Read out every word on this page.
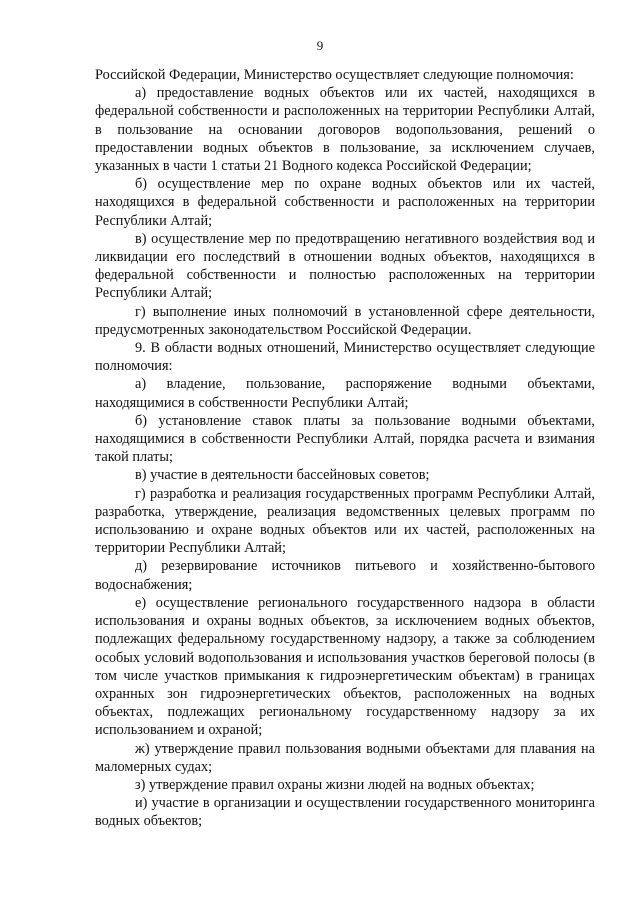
9

Российской Федерации, Министерство осуществляет следующие полномочия:

а) предоставление водных объектов или их частей, находящихся в федеральной собственности и расположенных на территории Республики Алтай, в пользование на основании договоров водопользования, решений о предоставлении водных объектов в пользование, за исключением случаев, указанных в части 1 статьи 21 Водного кодекса Российской Федерации;

б) осуществление мер по охране водных объектов или их частей, находящихся в федеральной собственности и расположенных на территории Республики Алтай;

в) осуществление мер по предотвращению негативного воздействия вод и ликвидации его последствий в отношении водных объектов, находящихся в федеральной собственности и полностью расположенных на территории Республики Алтай;

г) выполнение иных полномочий в установленной сфере деятельности, предусмотренных законодательством Российской Федерации.

9. В области водных отношений, Министерство осуществляет следующие полномочия:

а) владение, пользование, распоряжение водными объектами, находящимися в собственности Республики Алтай;

б) установление ставок платы за пользование водными объектами, находящимися в собственности Республики Алтай, порядка расчета и взимания такой платы;

в) участие в деятельности бассейновых советов;

г) разработка и реализация государственных программ Республики Алтай, разработка, утверждение, реализация ведомственных целевых программ по использованию и охране водных объектов или их частей, расположенных на территории Республики Алтай;

д) резервирование источников питьевого и хозяйственно-бытового водоснабжения;

е) осуществление регионального государственного надзора в области использования и охраны водных объектов, за исключением водных объектов, подлежащих федеральному государственному надзору, а также за соблюдением особых условий водопользования и использования участков береговой полосы (в том числе участков примыкания к гидроэнергетическим объектам) в границах охранных зон гидроэнергетических объектов, расположенных на водных объектах, подлежащих региональному государственному надзору за их использованием и охраной;

ж) утверждение правил пользования водными объектами для плавания на маломерных судах;

з) утверждение правил охраны жизни людей на водных объектах;

и) участие в организации и осуществлении государственного мониторинга водных объектов;
